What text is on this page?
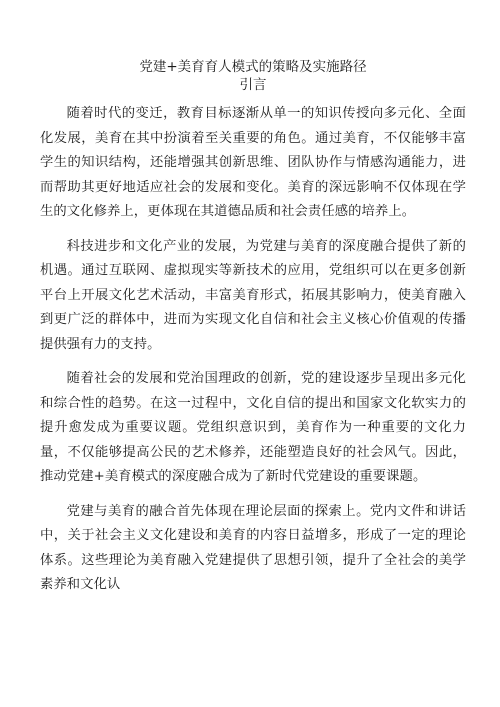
党建+美育育人模式的策略及实施路径
引言

随着时代的变迁，教育目标逐渐从单一的知识传授向多元化、全面化发展，美育在其中扮演着至关重要的角色。通过美育，不仅能够丰富学生的知识结构，还能增强其创新思维、团队协作与情感沟通能力，进而帮助其更好地适应社会的发展和变化。美育的深远影响不仅体现在学生的文化修养上，更体现在其道德品质和社会责任感的培养上。

科技进步和文化产业的发展，为党建与美育的深度融合提供了新的机遇。通过互联网、虚拟现实等新技术的应用，党组织可以在更多创新平台上开展文化艺术活动，丰富美育形式，拓展其影响力，使美育融入到更广泛的群体中，进而为实现文化自信和社会主义核心价值观的传播提供强有力的支持。

随着社会的发展和党治国理政的创新，党的建设逐步呈现出多元化和综合性的趋势。在这一过程中，文化自信的提出和国家文化软实力的提升愈发成为重要议题。党组织意识到，美育作为一种重要的文化力量，不仅能够提高公民的艺术修养，还能塑造良好的社会风气。因此，推动党建+美育模式的深度融合成为了新时代党建设的重要课题。

党建与美育的融合首先体现在理论层面的探索上。党内文件和讲话中，关于社会主义文化建设和美育的内容日益增多，形成了一定的理论体系。这些理论为美育融入党建提供了思想引领，提升了全社会的美学素养和文化认
